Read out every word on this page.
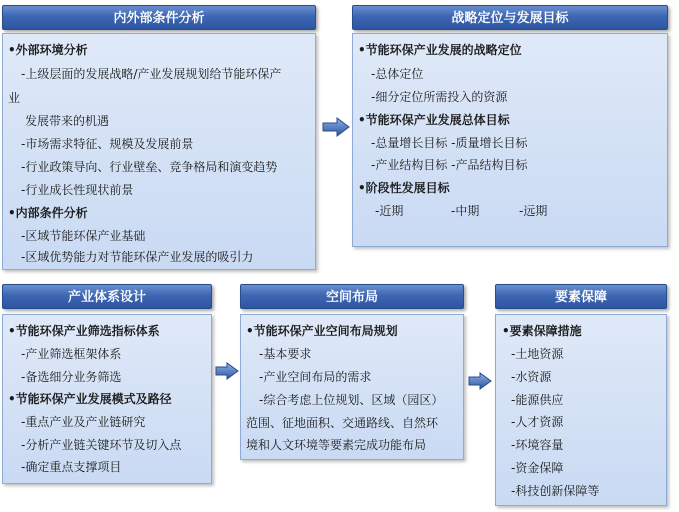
内外部条件分析
•外部环境分析
-上级层面的发展战略/产业发展规划给节能环保产
业
发展带来的机遇
-市场需求特征、规模及发展前景
-行业政策导向、行业壁垒、竞争格局和演变趋势
-行业成长性现状前景
•内部条件分析
-区域节能环保产业基础
-区域优势能力对节能环保产业发展的吸引力
战略定位与发展目标
•节能环保产业发展的战略定位
-总体定位
-细分定位所需投入的资源
•节能环保产业发展总体目标
-总量增长目标 -质量增长目标
-产业结构目标 -产品结构目标
•阶段性发展目标
-近期	-中期	-远期
产业体系设计
•节能环保产业筛选指标体系
-产业筛选框架体系
-备选细分业务筛选
•节能环保产业发展模式及路径
-重点产业及产业链研究
-分析产业链关键环节及切入点
-确定重点支撑项目
空间布局
•节能环保产业空间布局规划
-基本要求
-产业空间布局的需求
-综合考虑上位规划、区域（园区）
范围、征地面积、交通路线、自然环
境和人文环境等要素完成功能布局
要素保障
•要素保障措施
-土地资源
-水资源
-能源供应
-人才资源
-环境容量
-资金保障
-科技创新保障等
